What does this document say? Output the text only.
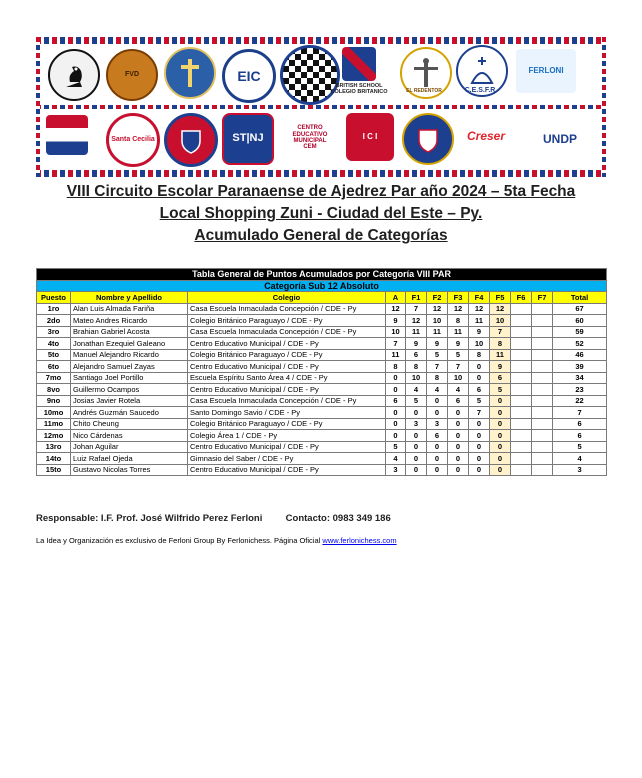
FVD	EIC
BRITISH SCHOOL
COLEGIO BRITANICO	EL REDENTOR	C.E.S.F.R
FERLONI
Santa Cecilia	ST|NJ
CENTRO EDUCATIVO MUNICIPAL
CEM
I C I	Creser	UNDP
VIII Circuito Escolar Paranaense de Ajedrez Par año 2024 – 5ta Fecha
Local Shopping Zuni - Ciudad del Este – Py.
Acumulado General de Categorías
Tabla General de Puntos Acumulados por Categoría VIII PAR											
Categoría Sub 12 Absoluto											
Puesto	Nombre y Apellido	Colegio	A	F1	F2	F3	F4	F5	F6	F7	Total
1ro	Alan Luis Almada Fariña	Casa Escuela Inmaculada Concepción / CDE - Py	12	7	12	12	12	12			67
2do	Mateo Andres Ricardo	Colegio Británico Paraguayo / CDE - Py	9	12	10	8	11	10			60
3ro	Brahian Gabriel Acosta	Casa Escuela Inmaculada Concepción / CDE - Py	10	11	11	11	9	7			59
4to	Jonathan Ezequiel Galeano	Centro Educativo Municipal / CDE - Py	7	9	9	9	10	8			52
5to	Manuel Alejandro Ricardo	Colegio Británico Paraguayo / CDE - Py	11	6	5	5	8	11			46
6to	Alejandro Samuel Zayas	Centro Educativo Municipal / CDE - Py	8	8	7	7	0	9			39
7mo	Santiago Joel Portillo	Escuela Espíritu Santo Área 4 / CDE - Py	0	10	8	10	0	6			34
8vo	Guillermo Ocampos	Centro Educativo Municipal / CDE - Py	0	4	4	4	6	5			23
9no	Josias Javier Rotela	Casa Escuela Inmaculada Concepción / CDE - Py	6	5	0	6	5	0			22
10mo	Andrés Guzmán Saucedo	Santo Domingo Savio / CDE - Py	0	0	0	0	7	0			7
11mo	Chito Cheung	Colegio Británico Paraguayo / CDE - Py	0	3	3	0	0	0			6
12mo	Nico Cárdenas	Colegio Área 1 / CDE - Py	0	0	6	0	0	0			6
13ro	Johan Aguilar	Centro Educativo Municipal / CDE - Py	5	0	0	0	0	0			5
14to	Luiz Rafael Ojeda	Gimnasio del Saber / CDE - Py	4	0	0	0	0	0			4
15to	Gustavo Nicolas Torres	Centro Educativo Municipal / CDE - Py	3	0	0	0	0	0			3
Responsable: I.F. Prof. José Wilfrido Perez Ferloni Contacto: 0983 349 186
La Idea y Organización es exclusivo de Ferloni Group By Ferlonichess. Página Oficial www.ferlonichess.com
